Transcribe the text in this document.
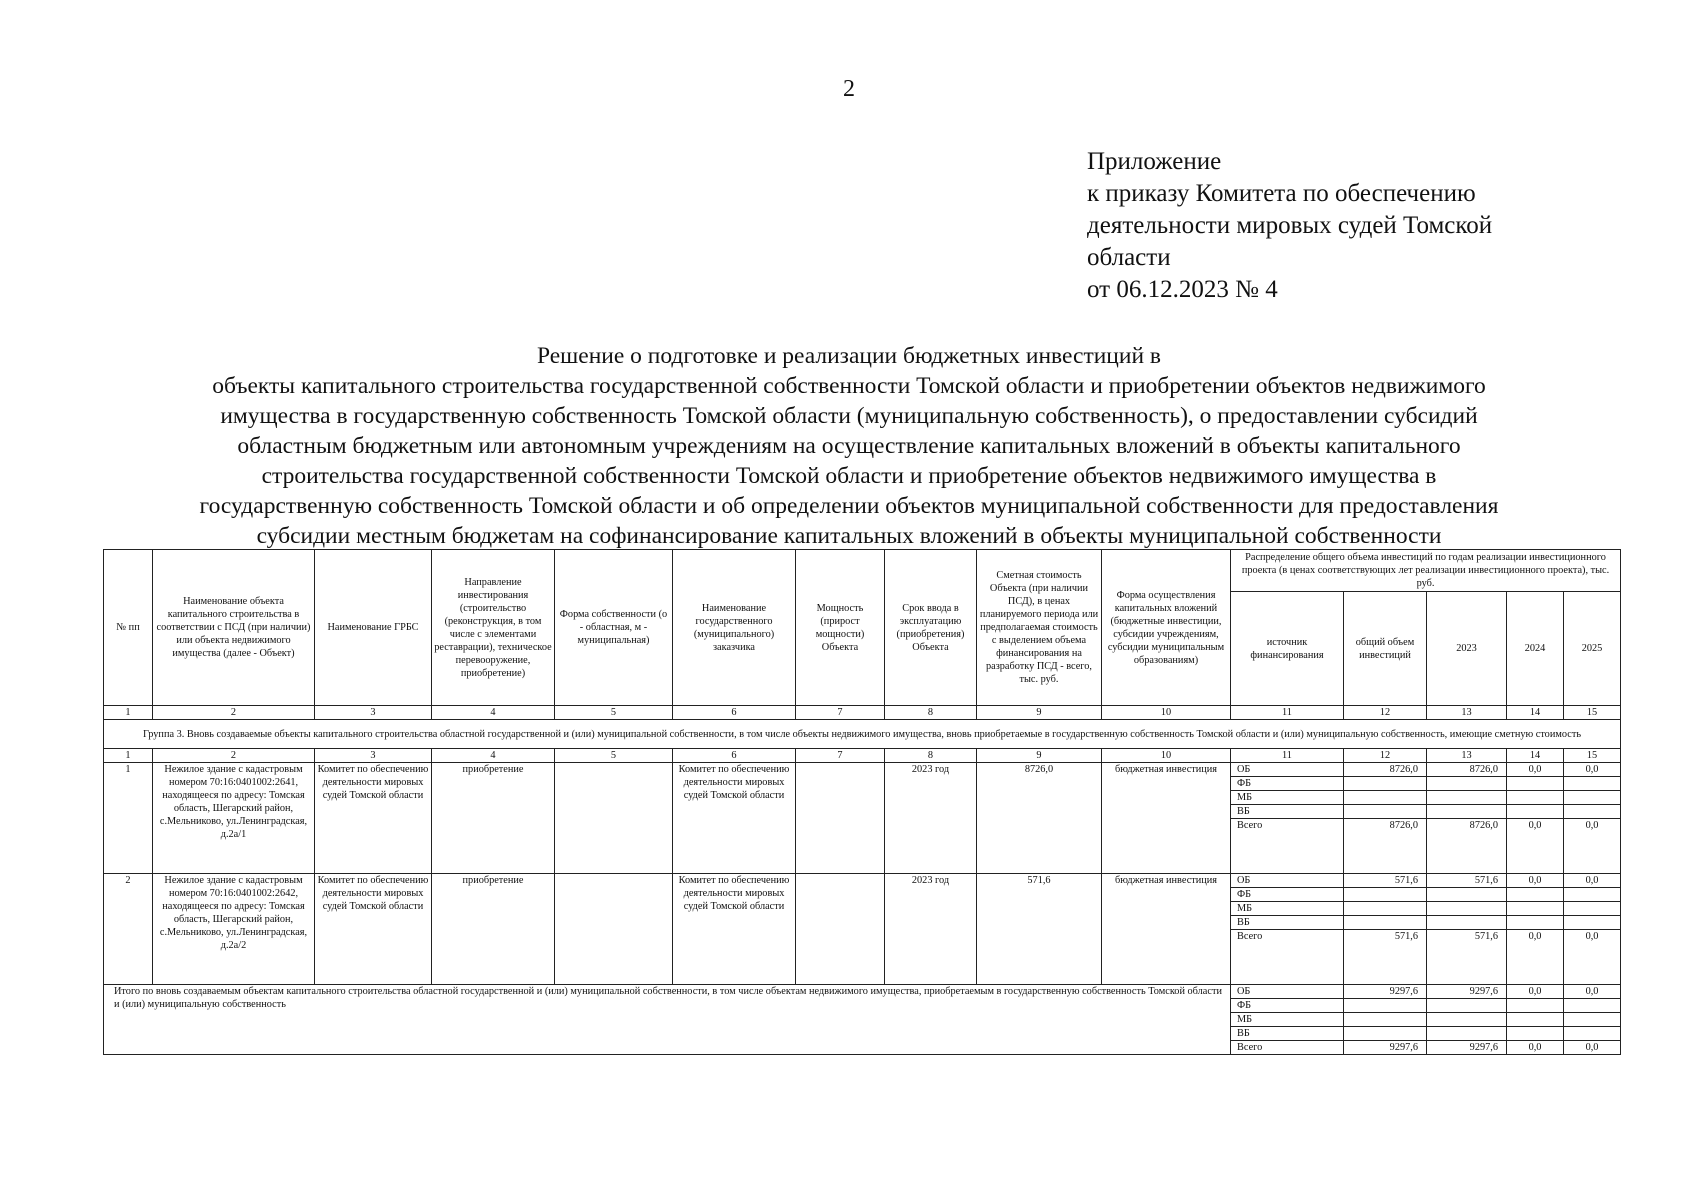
2
Приложение
к приказу Комитета по обеспечению
деятельности мировых судей Томской
области
от 06.12.2023 № 4
Решение о подготовке и реализации бюджетных инвестиций в
объекты капитального строительства государственной собственности Томской области и приобретении объектов недвижимого
имущества в государственную собственность Томской области (муниципальную собственность), о предоставлении субсидий
областным бюджетным или автономным учреждениям на осуществление капитальных вложений в объекты капитального
строительства государственной собственности Томской области и приобретение объектов недвижимого имущества в
государственную собственность Томской области и об определении объектов муниципальной собственности для предоставления
субсидии местным бюджетам на софинансирование капитальных вложений в объекты муниципальной собственности
№ пп	Наименование объекта капитального строительства в соответствии с ПСД (при наличии) или объекта недвижимого имущества (далее - Объект)	Наименование ГРБС	Направление инвестирования (строительство (реконструкция, в том числе с элементами реставрации), техническое перевооружение, приобретение)	Форма собственности (о - областная, м - муниципальная)	Наименование государственного (муниципального) заказчика	Мощность (прирост мощности) Объекта	Срок ввода в эксплуатацию (приобретения) Объекта	Сметная стоимость Объекта (при наличии ПСД), в ценах планируемого периода или предполагаемая стоимость с выделением объема финансирования на разработку ПСД - всего, тыс. руб.	Форма осуществления капитальных вложений (бюджетные инвестиции, субсидии учреждениям, субсидии муниципальным образованиям)	Распределение общего объема инвестиций по годам реализации инвестиционного проекта (в ценах соответствующих лет реализации инвестиционного проекта), тыс. руб.				
										источник финансирования	общий объем инвестиций	2023	2024	2025
1	2	3	4	5	6	7	8	9	10	11	12	13	14	15
Группа 3. Вновь создаваемые объекты капитального строительства областной государственной и (или) муниципальной собственности, в том числе объекты недвижимого имущества, вновь приобретаемые в государственную собственность Томской области и (или) муниципальную собственность, имеющие сметную стоимость														
1	2	3	4	5	6	7	8	9	10	11	12	13	14	15
1	Нежилое здание с кадастровым номером 70:16:0401002:2641, находящееся по адресу: Томская область, Шегарский район, с.Мельниково, ул.Ленинградская, д.2а/1	Комитет по обеспечению деятельности мировых судей Томской области	приобретение		Комитет по обеспечению деятельности мировых судей Томской области		2023 год	8726,0	бюджетная инвестиция	ОБ	8726,0	8726,0	0,0	0,0
										ФБ				
										МБ				
										ВБ				
										Всего	8726,0	8726,0	0,0	0,0
2	Нежилое здание с кадастровым номером 70:16:0401002:2642, находящееся по адресу: Томская область, Шегарский район, с.Мельниково, ул.Ленинградская, д.2а/2	Комитет по обеспечению деятельности мировых судей Томской области	приобретение		Комитет по обеспечению деятельности мировых судей Томской области		2023 год	571,6	бюджетная инвестиция	ОБ	571,6	571,6	0,0	0,0
										ФБ				
										МБ				
										ВБ				
										Всего	571,6	571,6	0,0	0,0
Итого по вновь создаваемым объектам капитального строительства областной государственной и (или) муниципальной собственности, в том числе объектам недвижимого имущества, приобретаемым в государственную собственность Томской области и (или) муниципальную собственность										ОБ	9297,6	9297,6	0,0	0,0
										ФБ				
										МБ				
										ВБ				
										Всего	9297,6	9297,6	0,0	0,0
